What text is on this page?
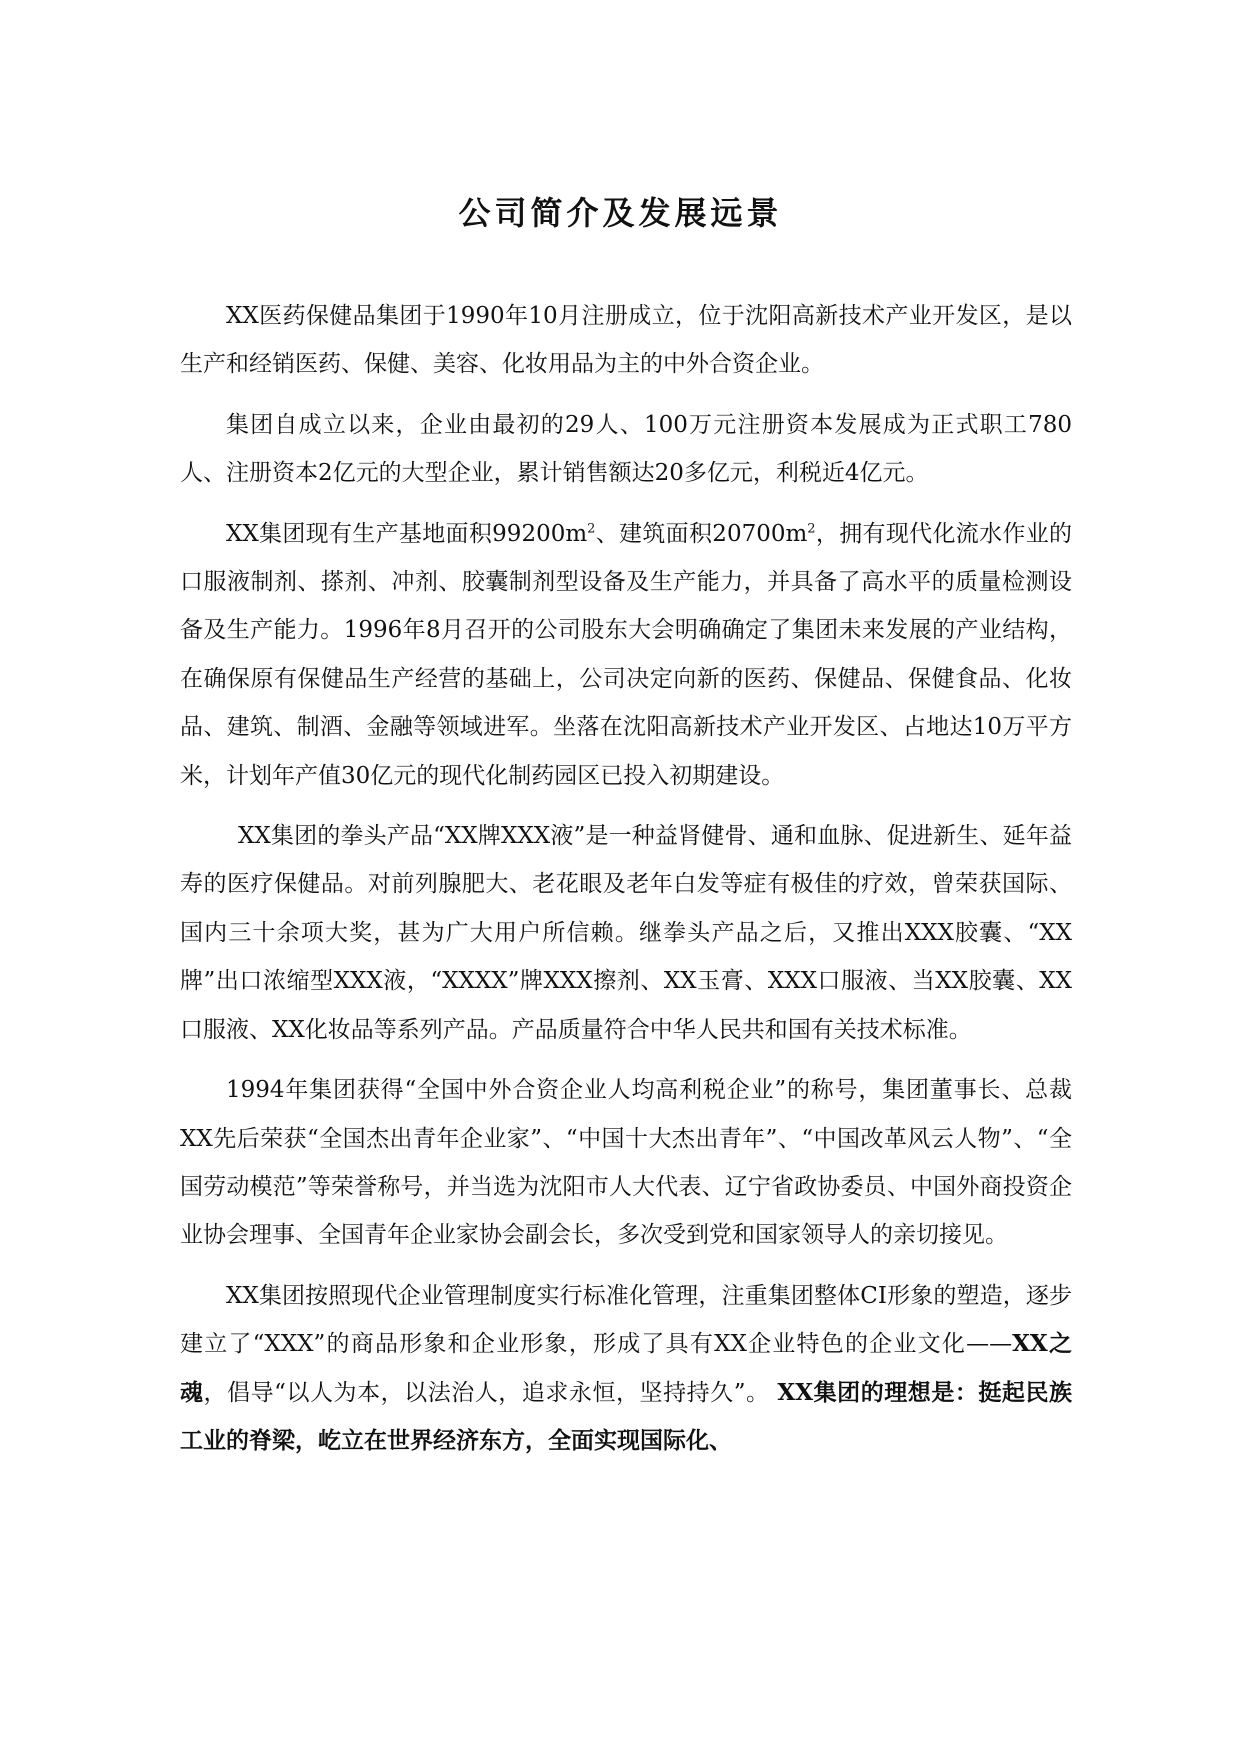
公司简介及发展远景

XX医药保健品集团于1990年10月注册成立，位于沈阳高新技术产业开发区，是以生产和经销医药、保健、美容、化妆用品为主的中外合资企业。

集团自成立以来，企业由最初的29人、100万元注册资本发展成为正式职工780人、注册资本2亿元的大型企业，累计销售额达20多亿元，利税近4亿元。

XX集团现有生产基地面积$99200m^2$、建筑面积$20700m^2$，拥有现代化流水作业的口服液制剂、搽剂、冲剂、胶囊制剂型设备及生产能力，并具备了高水平的质量检测设备及生产能力。1996年8月召开的公司股东大会明确确定了集团未来发展的产业结构，在确保原有保健品生产经营的基础上，公司决定向新的医药、保健品、保健食品、化妆品、建筑、制酒、金融等领域进军。坐落在沈阳高新技术产业开发区、占地达10万平方米，计划年产值30亿元的现代化制药园区已投入初期建设。

XX集团的拳头产品“XX牌XXX液”是一种益肾健骨、通和血脉、促进新生、延年益寿的医疗保健品。对前列腺肥大、老花眼及老年白发等症有极佳的疗效，曾荣获国际、国内三十余项大奖，甚为广大用户所信赖。继拳头产品之后，又推出XXX胶囊、“XX牌”出口浓缩型XXX液，“XXXX”牌XXX擦剂、XX玉膏、XXX口服液、当XX胶囊、XX口服液、XX化妆品等系列产品。产品质量符合中华人民共和国有关技术标准。

1994年集团获得“全国中外合资企业人均高利税企业”的称号，集团董事长、总裁XX先后荣获“全国杰出青年企业家”、“中国十大杰出青年”、“中国改革风云人物”、“全国劳动模范”等荣誉称号，并当选为沈阳市人大代表、辽宁省政协委员、中国外商投资企业协会理事、全国青年企业家协会副会长，多次受到党和国家领导人的亲切接见。

XX集团按照现代企业管理制度实行标准化管理，注重集团整体CI形象的塑造，逐步建立了“XXX”的商品形象和企业形象，形成了具有XX企业特色的企业文化——XX之魂，倡导“以人为本，以法治人，追求永恒，坚持持久”。 XX集团的理想是：挺起民族工业的脊梁，屹立在世界经济东方，全面实现国际化、
